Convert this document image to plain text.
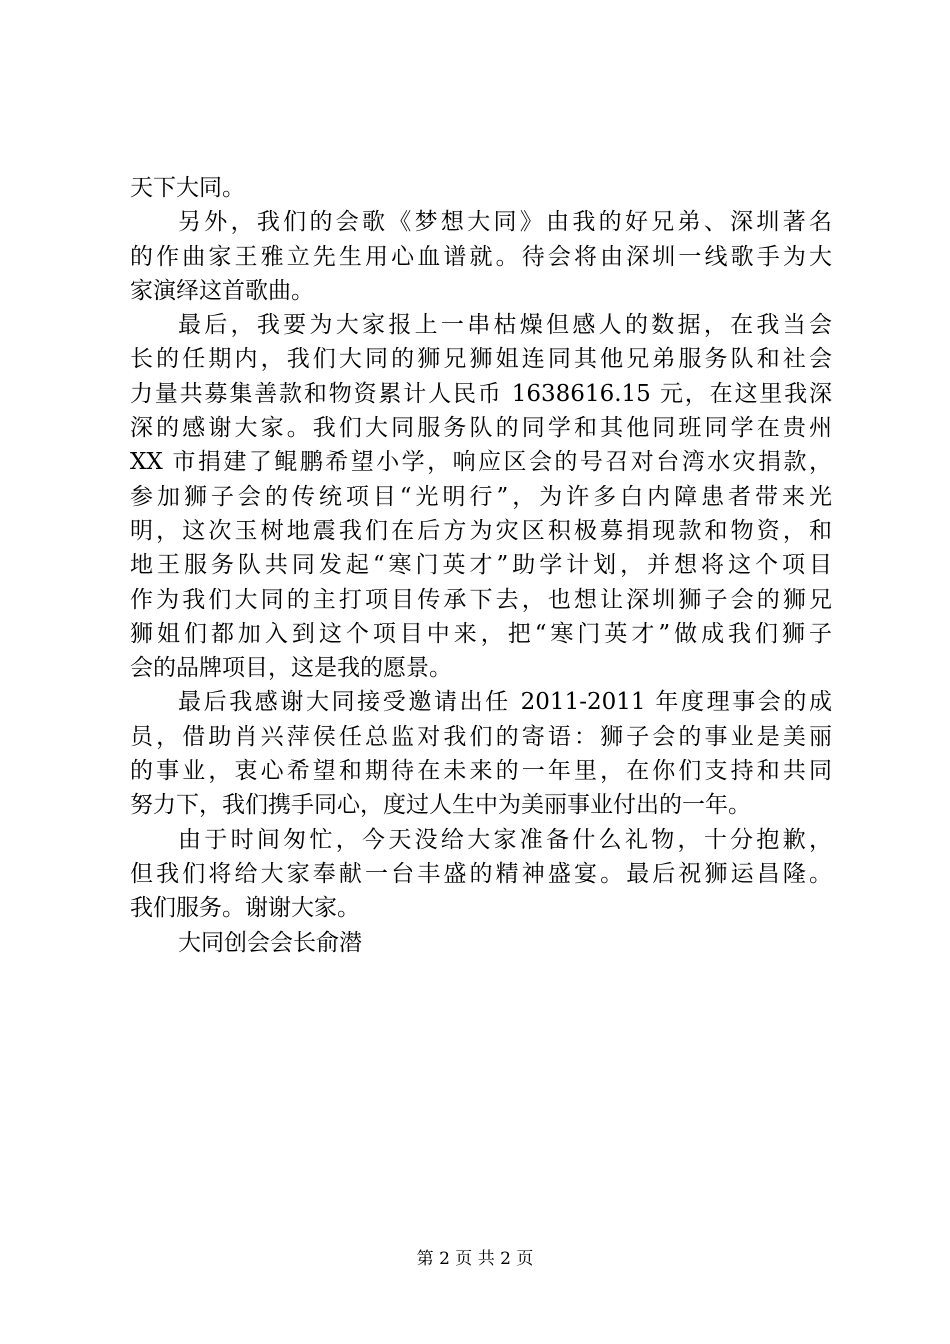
天下大同。
另外，我们的会歌《梦想大同》由我的好兄弟、深圳著名
的作曲家王雅立先生用心血谱就。待会将由深圳一线歌手为大
家演绎这首歌曲。
最后，我要为大家报上一串枯燥但感人的数据，在我当会
长的任期内，我们大同的狮兄狮姐连同其他兄弟服务队和社会
力量共募集善款和物资累计人民币 1638616.15 元，在这里我深
深的感谢大家。我们大同服务队的同学和其他同班同学在贵州
XX 市捐建了鲲鹏希望小学，响应区会的号召对台湾水灾捐款，
参加狮子会的传统项目“光明行”，为许多白内障患者带来光
明，这次玉树地震我们在后方为灾区积极募捐现款和物资，和
地王服务队共同发起“寒门英才”助学计划，并想将这个项目
作为我们大同的主打项目传承下去，也想让深圳狮子会的狮兄
狮姐们都加入到这个项目中来，把“寒门英才”做成我们狮子
会的品牌项目，这是我的愿景。
最后我感谢大同接受邀请出任 2011-2011 年度理事会的成
员，借助肖兴萍侯任总监对我们的寄语：狮子会的事业是美丽
的事业，衷心希望和期待在未来的一年里，在你们支持和共同
努力下，我们携手同心，度过人生中为美丽事业付出的一年。
由于时间匆忙，今天没给大家准备什么礼物，十分抱歉，
但我们将给大家奉献一台丰盛的精神盛宴。最后祝狮运昌隆。
我们服务。谢谢大家。
大同创会会长俞潜
第 2 页 共 2 页
